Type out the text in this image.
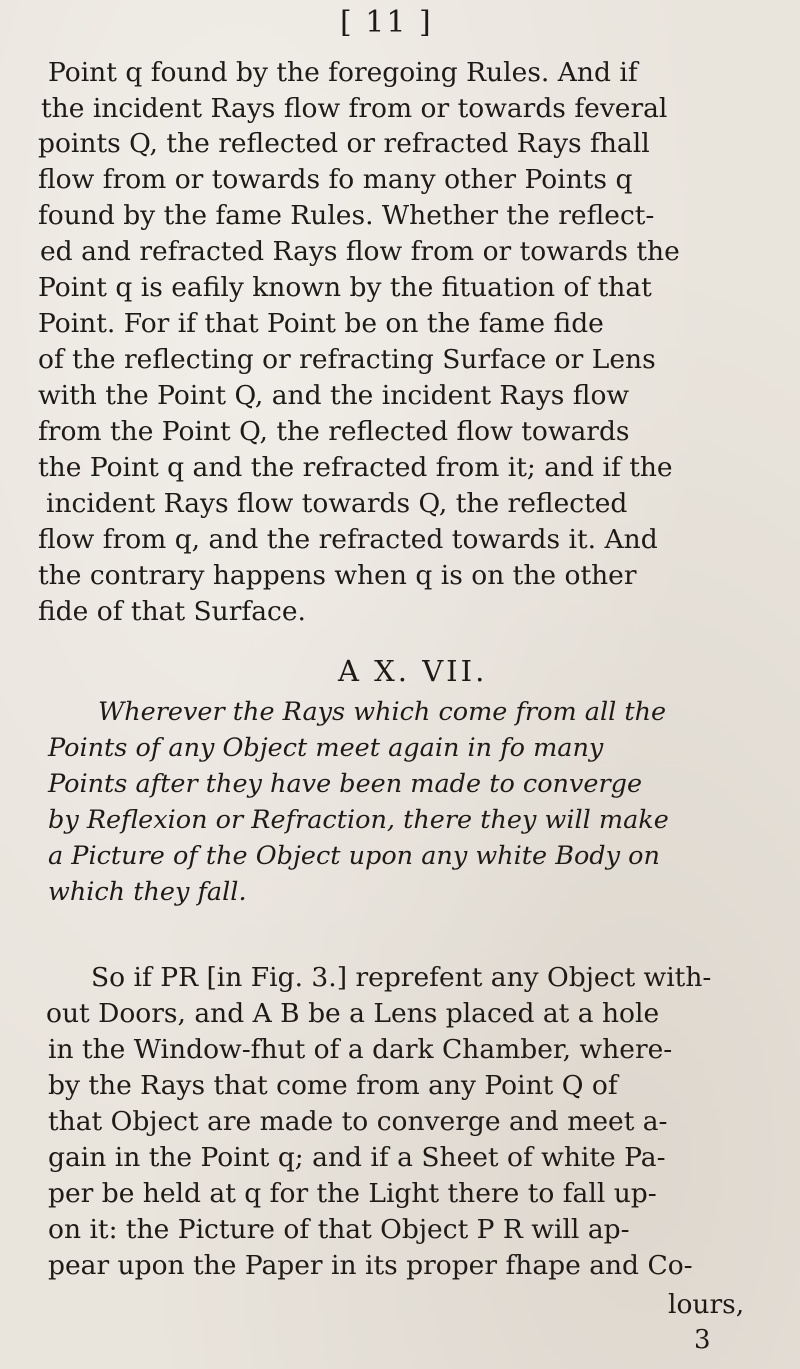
[ 11 ]
Point q found by the foregoing Rules. And if
the incident Rays flow from or towards feveral
points Q, the reflected or refracted Rays fhall
flow from or towards fo many other Points q
found by the fame Rules. Whether the reflect-
ed and refracted Rays flow from or towards the
Point q is eafily known by the fituation of that
Point. For if that Point be on the fame fide
of the reflecting or refracting Surface or Lens
with the Point Q, and the incident Rays flow
from the Point Q, the reflected flow towards
the Point q and the refracted from it; and if the
incident Rays flow towards Q, the reflected
flow from q, and the refracted towards it. And
the contrary happens when q is on the other
fide of that Surface.
A X. VII.
Wherever the Rays which come from all the
Points of any Object meet again in fo many
Points after they have been made to converge
by Reflexion or Refraction, there they will make
a Picture of the Object upon any white Body on
which they fall.
So if PR [in Fig. 3.] reprefent any Object with-
out Doors, and A B be a Lens placed at a hole
in the Window-fhut of a dark Chamber, where-
by the Rays that come from any Point Q of
that Object are made to converge and meet a-
gain in the Point q; and if a Sheet of white Pa-
per be held at q for the Light there to fall up-
on it: the Picture of that Object P R will ap-
pear upon the Paper in its proper fhape and Co-
lours,
3
